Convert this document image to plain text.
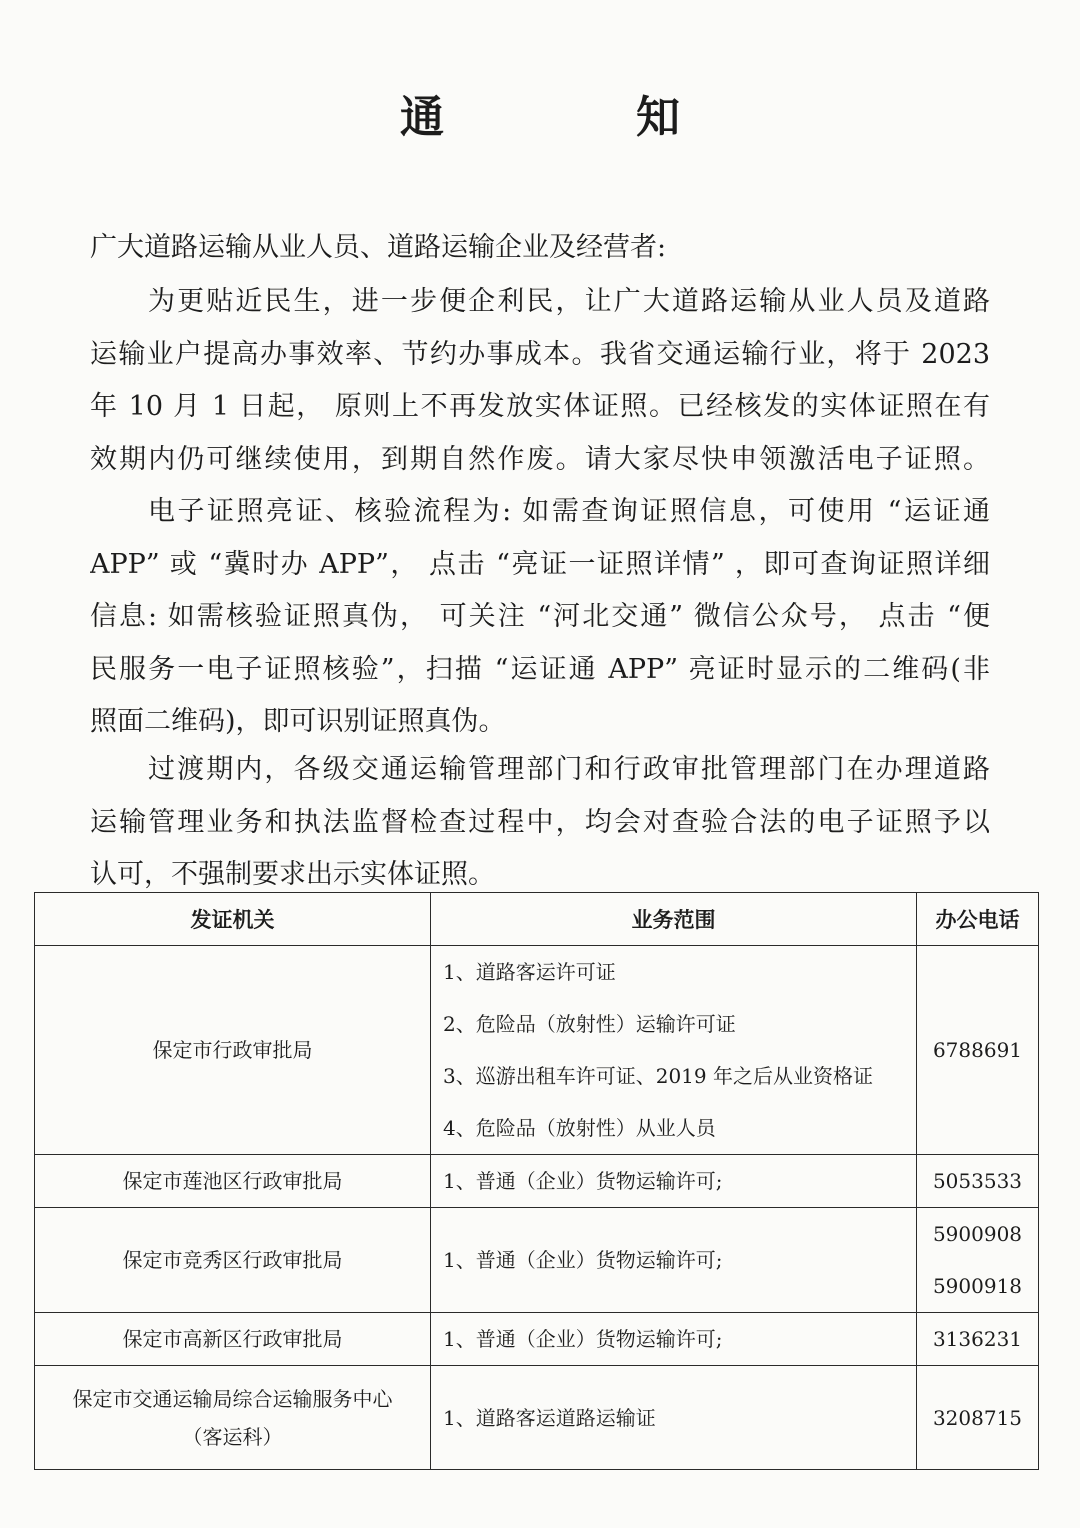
通　知
广大道路运输从业人员、道路运输企业及经营者:
为更贴近民生，进一步便企利民，让广大道路运输从业人员及道路
运输业户提高办事效率、节约办事成本。我省交通运输行业，将于 2023
年 10 月 1 日起， 原则上不再发放实体证照。已经核发的实体证照在有
效期内仍可继续使用，到期自然作废。请大家尽快申领激活电子证照。
电子证照亮证、核验流程为: 如需查询证照信息，可使用 “运证通
APP” 或 “冀时办 APP”， 点击 “亮证一证照详情” ，即可查询证照详细
信息: 如需核验证照真伪， 可关注 “河北交通” 微信公众号， 点击 “便
民服务一电子证照核验”，扫描 “运证通 APP” 亮证时显示的二维码(非
照面二维码)，即可识别证照真伪。
过渡期内，各级交通运输管理部门和行政审批管理部门在办理道路
运输管理业务和执法监督检查过程中，均会对查验合法的电子证照予以
认可，不强制要求出示实体证照。
发证机关	业务范围	办公电话
保定市行政审批局	1、道路客运许可证
2、危险品（放射性）运输许可证
3、巡游出租车许可证、2019 年之后从业资格证
4、危险品（放射性）从业人员	6788691

保定市莲池区行政审批局	1、普通（企业）货物运输许可;	5053533

保定市竞秀区行政审批局	1、普通（企业）货物运输许可;	5900908
5900918

保定市高新区行政审批局	1、普通（企业）货物运输许可;	3136231

保定市交通运输局综合运输服务中心
（客运科）	1、道路客运道路运输证	3208715
